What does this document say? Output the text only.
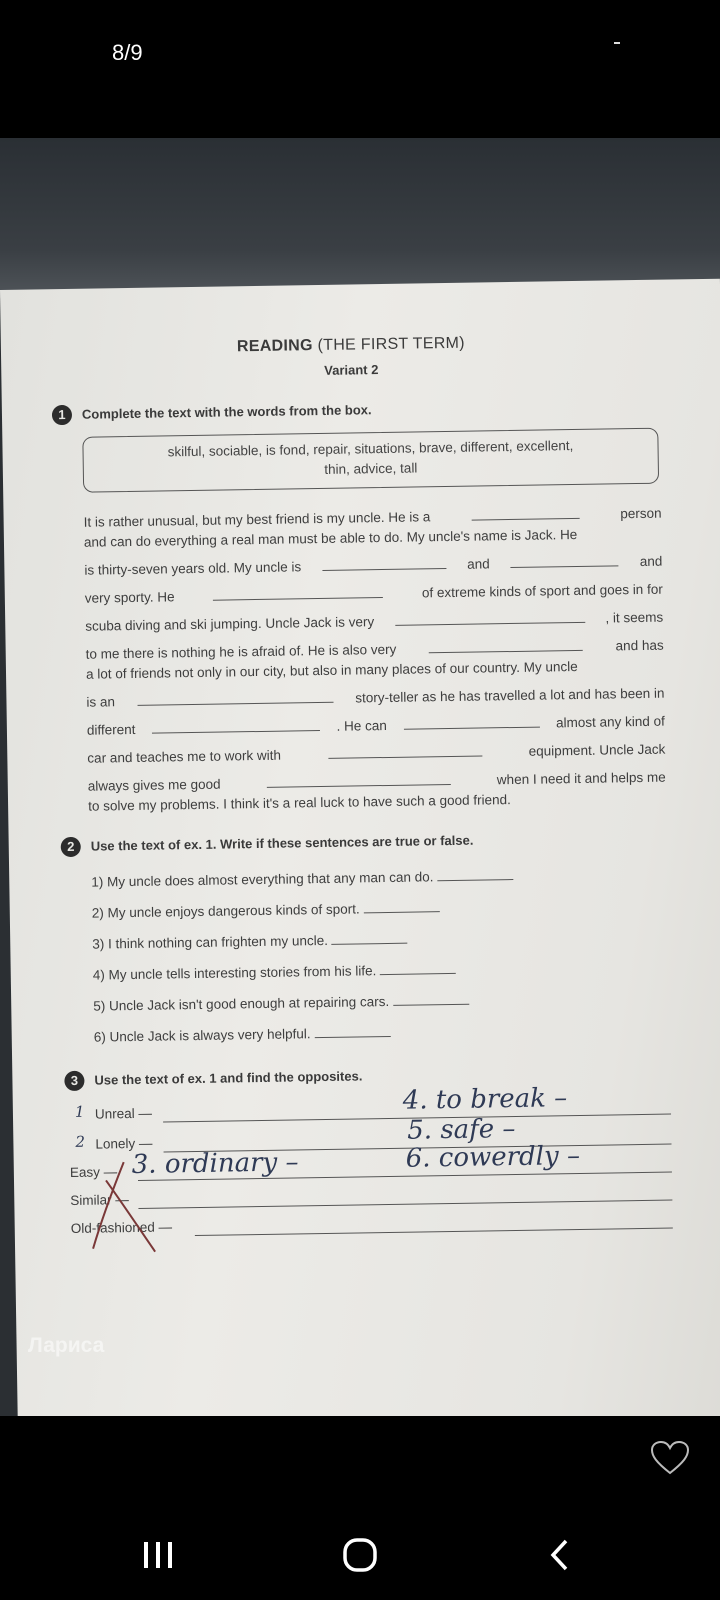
8/9
READING (THE FIRST TERM)
Variant 2
1	Complete the text with the words from the box.
skilful, sociable, is fond, repair, situations, brave, different, excellent,
thin, advice, tall
It is rather unusual, but my best friend is my uncle. He is a	person
and can do everything a real man must be able to do. My uncle's name is Jack. He
is thirty-seven years old. My uncle is	and	and
very sporty. He	of extreme kinds of sport and goes in for
scuba diving and ski jumping. Uncle Jack is very	, it seems
to me there is nothing he is afraid of. He is also very	and has
a lot of friends not only in our city, but also in many places of our country. My uncle
is an	story-teller as he has travelled a lot and has been in
different	. He can	almost any kind of
car and teaches me to work with	equipment. Uncle Jack
always gives me good	when I need it and helps me
to solve my problems. I think it's a real luck to have such a good friend.
2	Use the text of ex. 1. Write if these sentences are true or false.
1) My uncle does almost everything that any man can do.
2) My uncle enjoys dangerous kinds of sport.
3) I think nothing can frighten my uncle.
4) My uncle tells interesting stories from his life.
5) Uncle Jack isn't good enough at repairing cars.
6) Uncle Jack is always very helpful.
3	Use the text of ex. 1 and find the opposites.
1 Unreal —
2 Lonely —
Easy —
Similar —
Old-fashioned —
4. to break –
5. safe –
3. ordinary –	6. cowerdly –
Лариса
